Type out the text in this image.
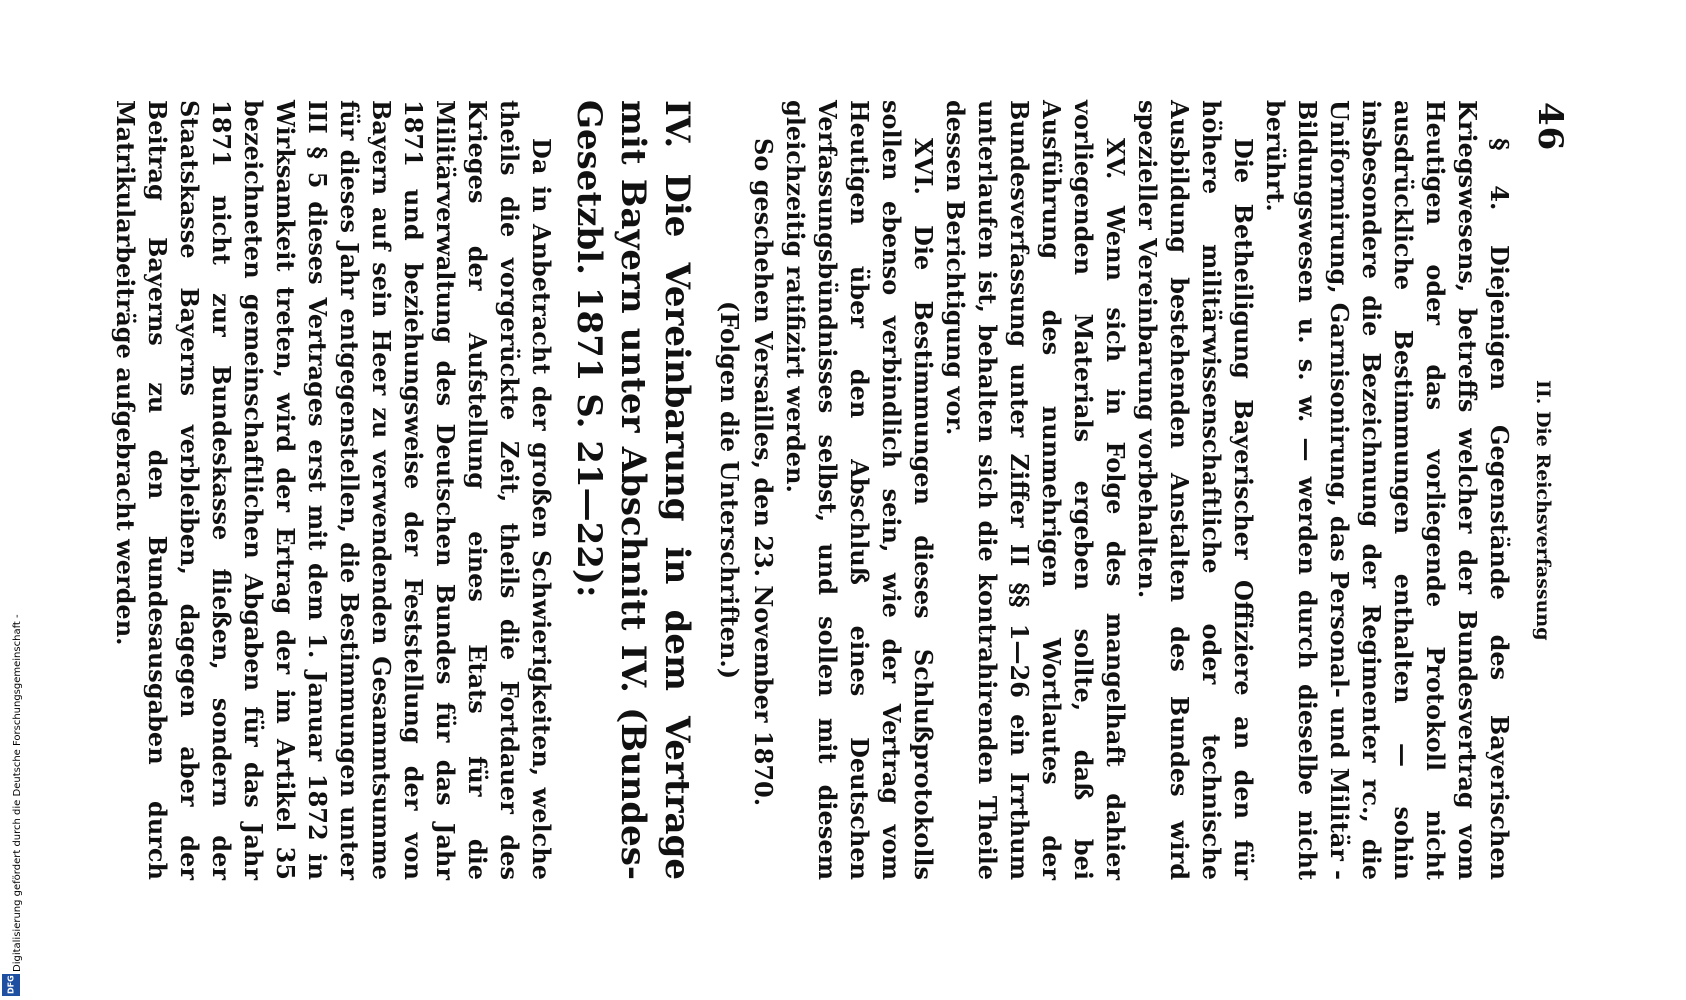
46
II. Die Reichsverfassung

§ 4. Diejenigen Gegenstände des Bayerischen Kriegswesens, betreffs welcher der Bundesvertrag vom Heutigen oder das vorliegende Protokoll nicht ausdrückliche Bestimmungen enthalten — sohin insbesondere die Bezeichnung der Regimenter rc., die Uniformirung, Garnisonirung, das Personal- und Militär - Bildungswesen u. s. w. — werden durch dieselbe nicht berührt.

Die Betheiligung Bayerischer Offiziere an den für höhere militärwissenschaftliche oder technische Ausbildung bestehenden Anstalten des Bundes wird spezieller Vereinbarung vorbehalten.

XV. Wenn sich in Folge des mangelhaft dahier vorliegenden Materials ergeben sollte, daß bei Ausführung des nunmehrigen Wortlautes der Bundesverfassung unter Ziffer II §§ 1—26 ein Irrthum unterlaufen ist, behalten sich die kontrahirenden Theile dessen Berichtigung vor.

XVI. Die Bestimmungen dieses Schlußprotokolls sollen ebenso verbindlich sein, wie der Vertrag vom Heutigen über den Abschluß eines Deutschen Verfassungsbündnisses selbst, und sollen mit diesem gleichzeitig ratifizirt werden.

So geschehen Versailles, den 23. November 1870.

(Folgen die Unterschriften.)

IV. Die Vereinbarung in dem Vertrage mit Bayern unter Abschnitt IV. (Bundes-Gesetzbl. 1871 S. 21—22):

Da in Anbetracht der großen Schwierigkeiten, welche theils die vorgerückte Zeit, theils die Fortdauer des Krieges der Aufstellung eines Etats für die Militärverwaltung des Deutschen Bundes für das Jahr 1871 und beziehungsweise der Feststellung der von Bayern auf sein Heer zu verwendenden Gesammtsumme für dieses Jahr entgegenstellen, die Bestimmungen unter III § 5 dieses Vertrages erst mit dem 1. Januar 1872 in Wirksamkeit treten, wird der Ertrag der im Artikel 35 bezeichneten gemeinschaftlichen Abgaben für das Jahr 1871 nicht zur Bundeskasse fließen, sondern der Staatskasse Bayerns verbleiben, dagegen aber der Beitrag Bayerns zu den Bundesausgaben durch Matrikularbeiträge aufgebracht werden.

Digitalisierung gefördert durch die Deutsche Forschungsgemeinschaft -
DFG
